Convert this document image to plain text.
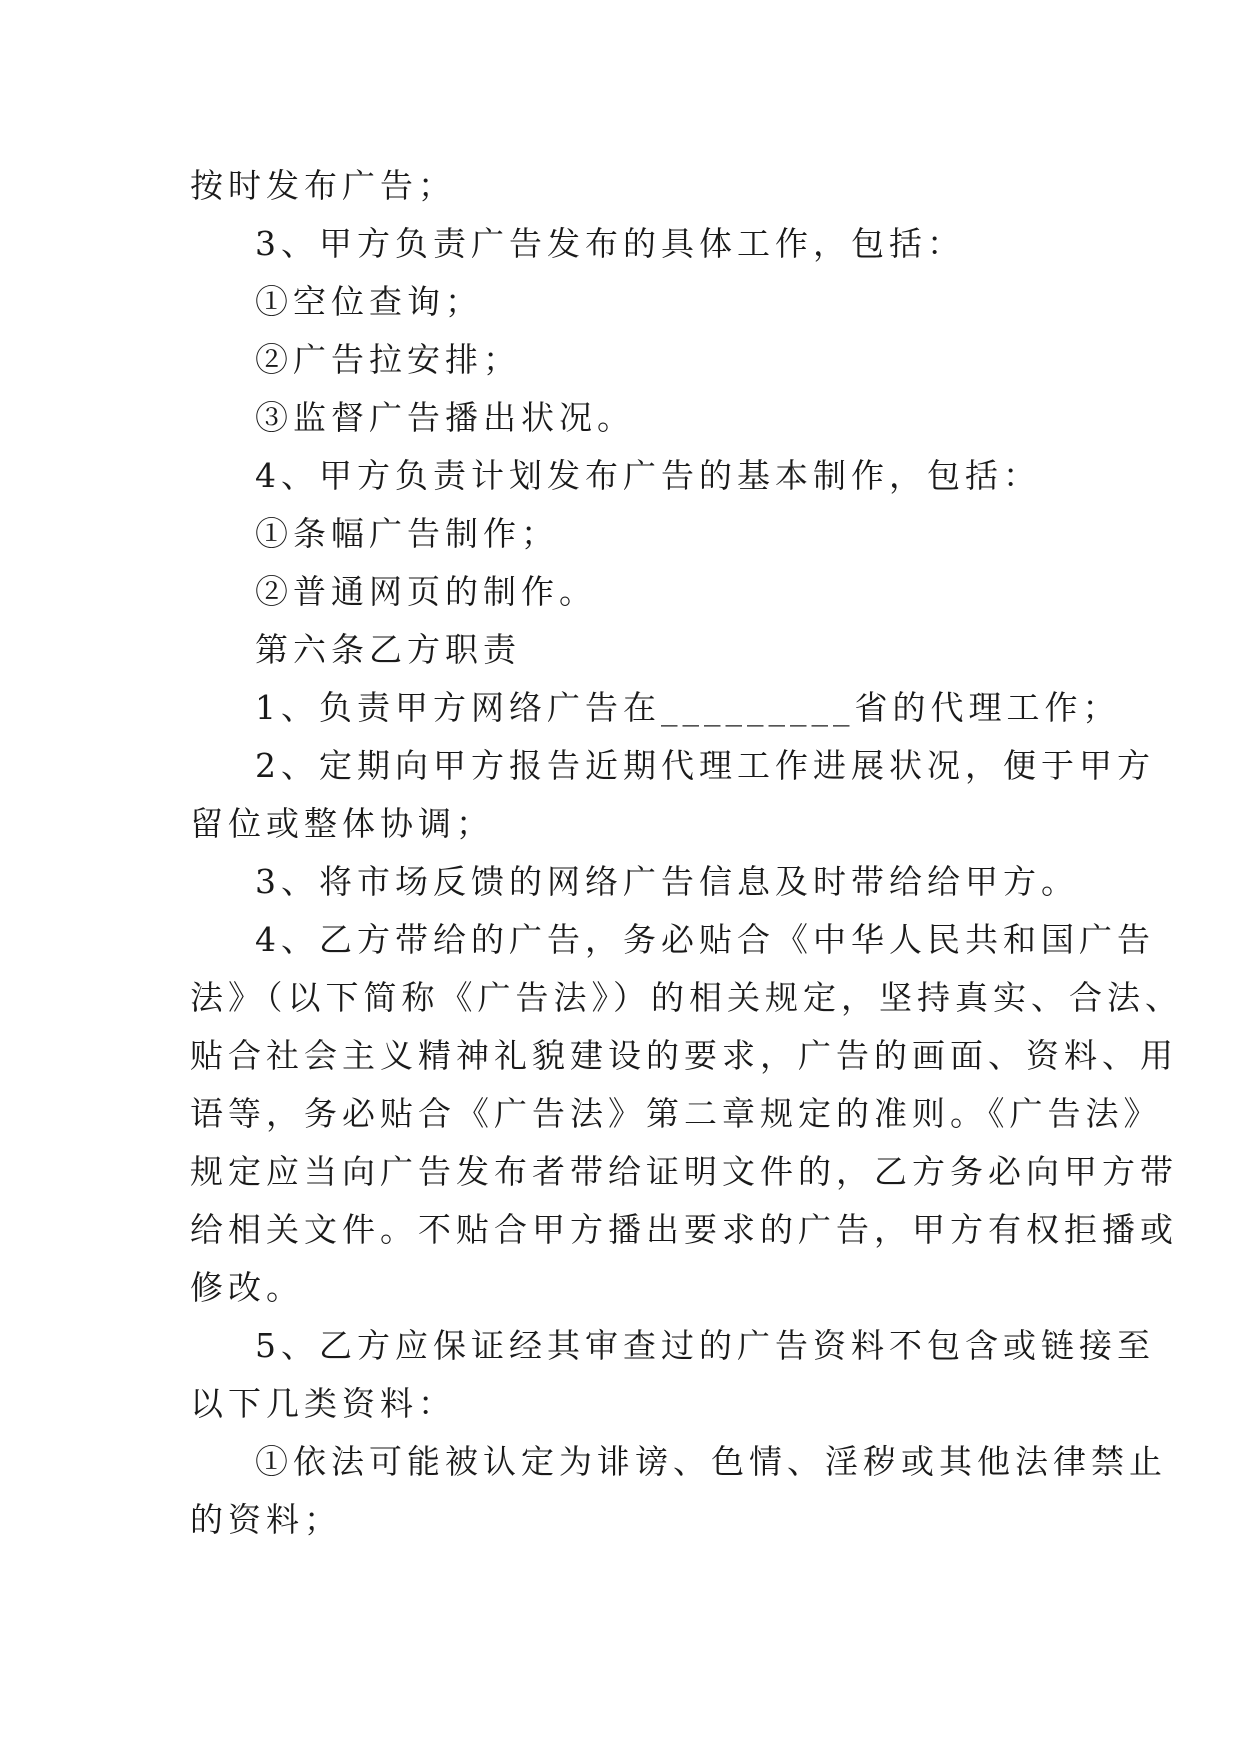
按时发布广告；
3、甲方负责广告发布的具体工作，包括：
①空位查询；
②广告拉安排；
③监督广告播出状况。
4、甲方负责计划发布广告的基本制作，包括：
①条幅广告制作；
②普通网页的制作。
第六条乙方职责
1、负责甲方网络广告在_________省的代理工作；
2、定期向甲方报告近期代理工作进展状况，便于甲方
留位或整体协调；
3、将市场反馈的网络广告信息及时带给给甲方。
4、乙方带给的广告，务必贴合《中华人民共和国广告
法》（以下简称《广告法》）的相关规定，坚持真实、合法、
贴合社会主义精神礼貌建设的要求，广告的画面、资料、用
语等，务必贴合《广告法》第二章规定的准则。《广告法》
规定应当向广告发布者带给证明文件的，乙方务必向甲方带
给相关文件。不贴合甲方播出要求的广告，甲方有权拒播或
修改。
5、乙方应保证经其审查过的广告资料不包含或链接至
以下几类资料：
①依法可能被认定为诽谤、色情、淫秽或其他法律禁止
的资料；
